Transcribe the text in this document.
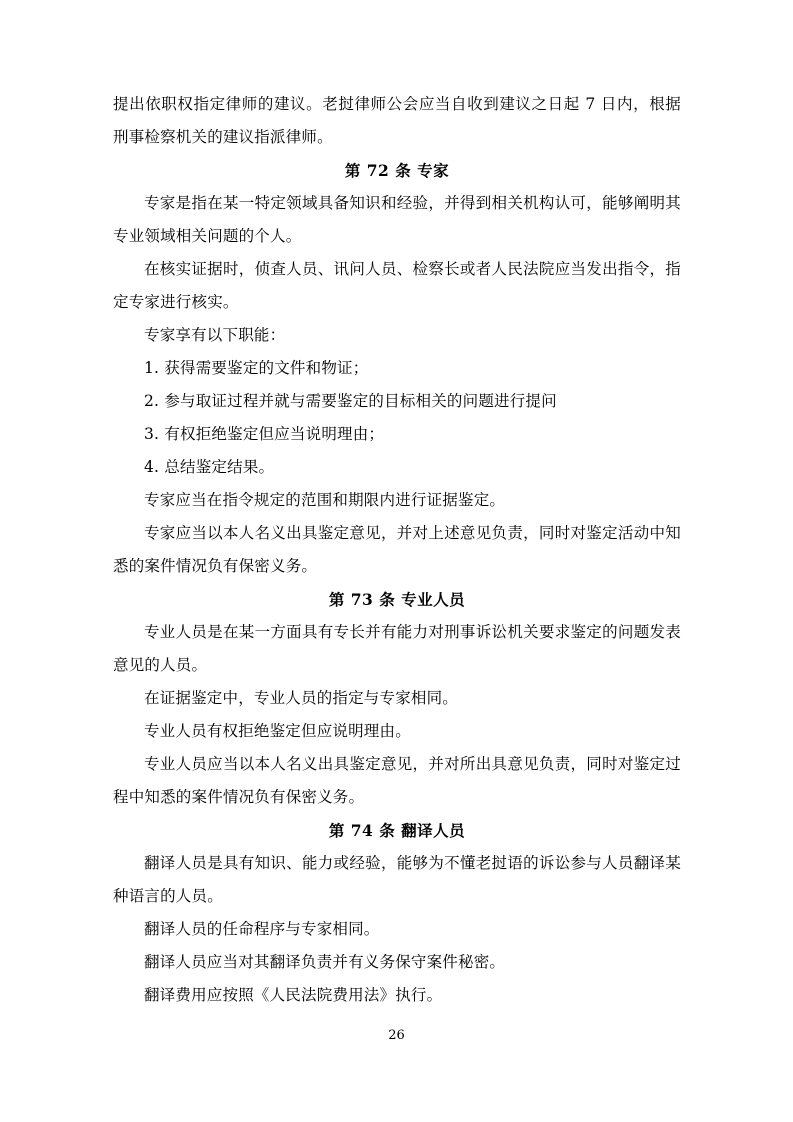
提出依职权指定律师的建议。老挝律师公会应当自收到建议之日起 7 日内，根据刑事检察机关的建议指派律师。

第 72 条 专家

专家是指在某一特定领域具备知识和经验，并得到相关机构认可，能够阐明其专业领域相关问题的个人。

在核实证据时，侦查人员、讯问人员、检察长或者人民法院应当发出指令，指定专家进行核实。

专家享有以下职能：

1. 获得需要鉴定的文件和物证；

2. 参与取证过程并就与需要鉴定的目标相关的问题进行提问

3. 有权拒绝鉴定但应当说明理由；

4. 总结鉴定结果。

专家应当在指令规定的范围和期限内进行证据鉴定。

专家应当以本人名义出具鉴定意见，并对上述意见负责，同时对鉴定活动中知悉的案件情况负有保密义务。

第 73 条 专业人员

专业人员是在某一方面具有专长并有能力对刑事诉讼机关要求鉴定的问题发表意见的人员。

在证据鉴定中，专业人员的指定与专家相同。

专业人员有权拒绝鉴定但应说明理由。

专业人员应当以本人名义出具鉴定意见，并对所出具意见负责，同时对鉴定过程中知悉的案件情况负有保密义务。

第 74 条 翻译人员

翻译人员是具有知识、能力或经验，能够为不懂老挝语的诉讼参与人员翻译某种语言的人员。

翻译人员的任命程序与专家相同。

翻译人员应当对其翻译负责并有义务保守案件秘密。

翻译费用应按照《人民法院费用法》执行。

26
